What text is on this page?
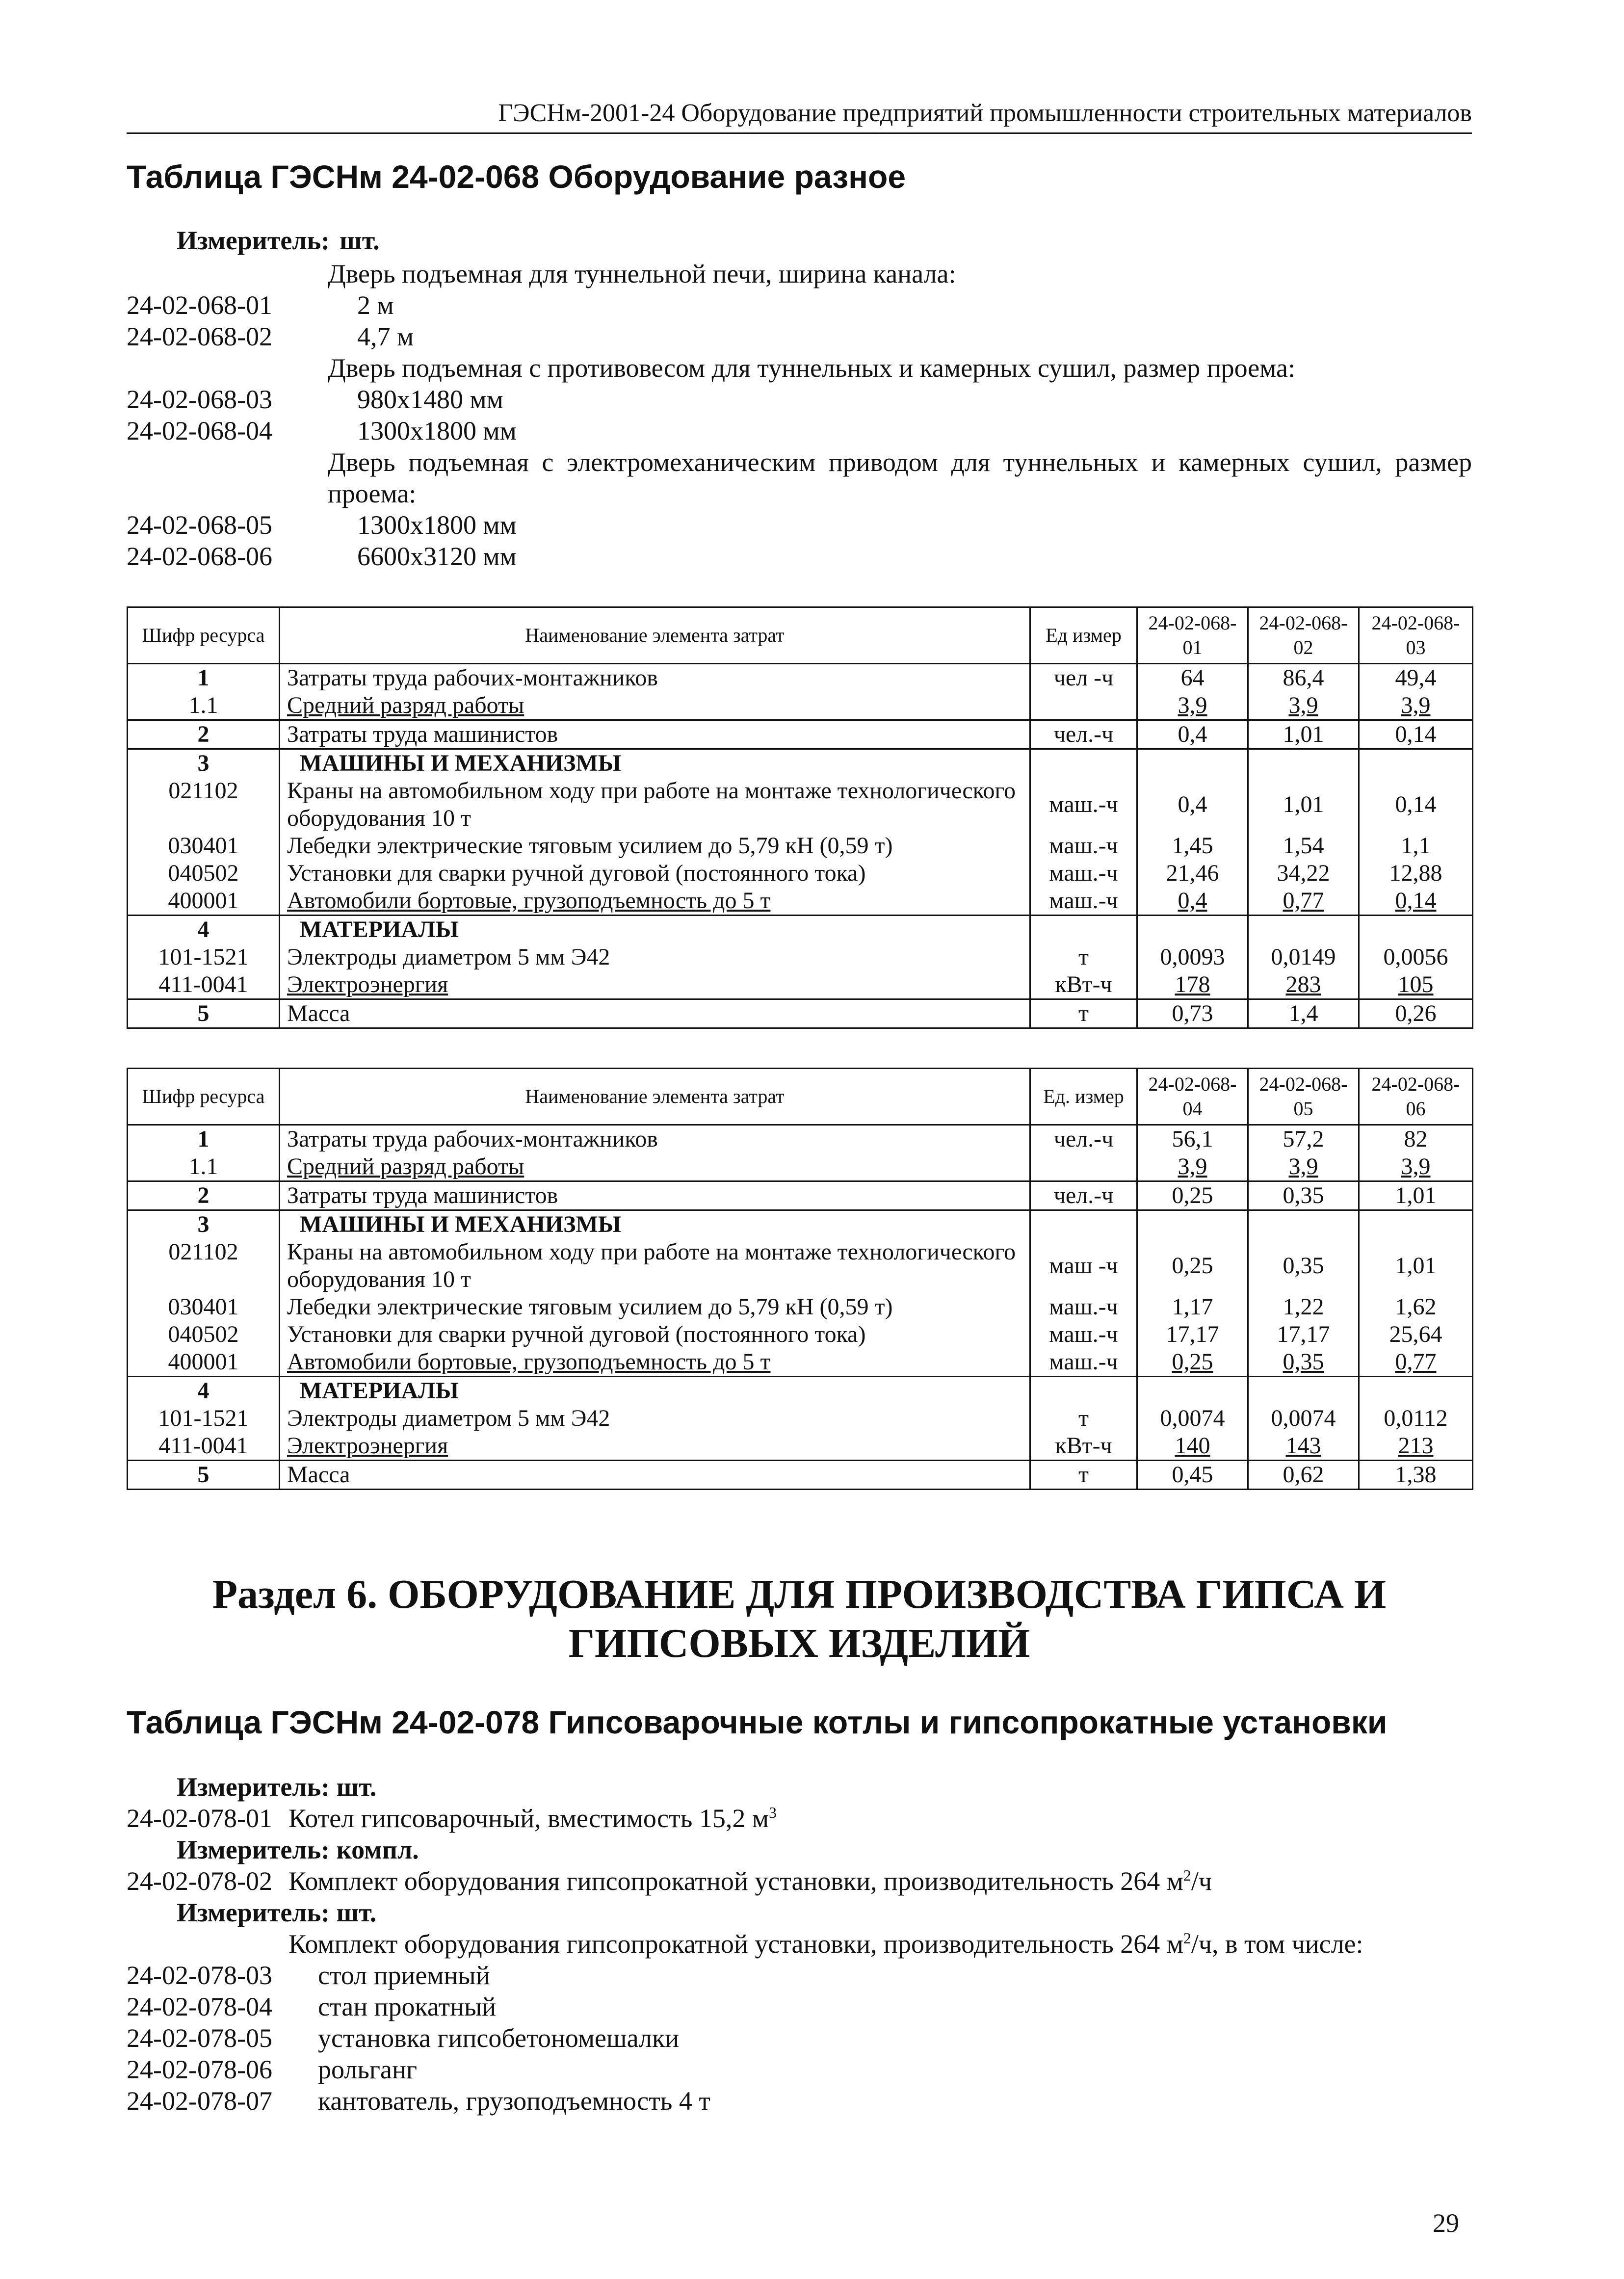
ГЭСНм-2001-24 Оборудование предприятий промышленности строительных материалов
Таблица ГЭСНм 24-02-068 Оборудование разное
Измеритель: шт.
Дверь подъемная для туннельной печи, ширина канала:
24-02-068-01	2 м
24-02-068-02	4,7 м
Дверь подъемная с противовесом для туннельных и камерных сушил, размер проема:
24-02-068-03	980х1480 мм
24-02-068-04	1300х1800 мм
Дверь подъемная с электромеханическим приводом для туннельных и камерных сушил, размер проема:
24-02-068-05	1300х1800 мм
24-02-068-06	6600х3120 мм
Шифр ресурса	Наименование элемента затрат	Ед измер	24-02-068-01	24-02-068-02	24-02-068-03
1	Затраты труда рабочих-монтажников	чел -ч	64	86,4	49,4
1.1	Средний разряд работы		3,9	3,9	3,9
2	Затраты труда машинистов	чел.-ч	0,4	1,01	0,14
3	МАШИНЫ И МЕХАНИЗМЫ				
021102	Краны на автомобильном ходу при работе на монтаже технологического оборудования 10 т	маш.-ч	0,4	1,01	0,14
030401	Лебедки электрические тяговым усилием до 5,79 кН (0,59 т)	маш.-ч	1,45	1,54	1,1
040502	Установки для сварки ручной дуговой (постоянного тока)	маш.-ч	21,46	34,22	12,88
400001	Автомобили бортовые, грузоподъемность до 5 т	маш.-ч	0,4	0,77	0,14
4	МАТЕРИАЛЫ				
101-1521	Электроды диаметром 5 мм Э42	т	0,0093	0,0149	0,0056
411-0041	Электроэнергия	кВт-ч	178	283	105
5	Масса	т	0,73	1,4	0,26
Шифр ресурса	Наименование элемента затрат	Ед. измер	24-02-068-04	24-02-068-05	24-02-068-06
1	Затраты труда рабочих-монтажников	чел.-ч	56,1	57,2	82
1.1	Средний разряд работы		3,9	3,9	3,9
2	Затраты труда машинистов	чел.-ч	0,25	0,35	1,01
3	МАШИНЫ И МЕХАНИЗМЫ				
021102	Краны на автомобильном ходу при работе на монтаже технологического оборудования 10 т	маш -ч	0,25	0,35	1,01
030401	Лебедки электрические тяговым усилием до 5,79 кН (0,59 т)	маш.-ч	1,17	1,22	1,62
040502	Установки для сварки ручной дуговой (постоянного тока)	маш.-ч	17,17	17,17	25,64
400001	Автомобили бортовые, грузоподъемность до 5 т	маш.-ч	0,25	0,35	0,77
4	МАТЕРИАЛЫ				
101-1521	Электроды диаметром 5 мм Э42	т	0,0074	0,0074	0,0112
411-0041	Электроэнергия	кВт-ч	140	143	213
5	Масса	т	0,45	0,62	1,38
Раздел 6. ОБОРУДОВАНИЕ ДЛЯ ПРОИЗВОДСТВА ГИПСА И
ГИПСОВЫХ ИЗДЕЛИЙ
Таблица ГЭСНм 24-02-078 Гипсоварочные котлы и гипсопрокатные установки
Измеритель: шт.
24-02-078-01 Котел гипсоварочный, вместимость 15,2 $м^3$
Измеритель: компл.
24-02-078-02 Комплект оборудования гипсопрокатной установки, производительность 264 $м^2/ч$
Измеритель: шт.
Комплект оборудования гипсопрокатной установки, производительность 264 $м^2/ч$, в том числе:
24-02-078-03	стол приемный
24-02-078-04	стан прокатный
24-02-078-05	установка гипсобетономешалки
24-02-078-06	рольганг
24-02-078-07	кантователь, грузоподъемность 4 т
29
